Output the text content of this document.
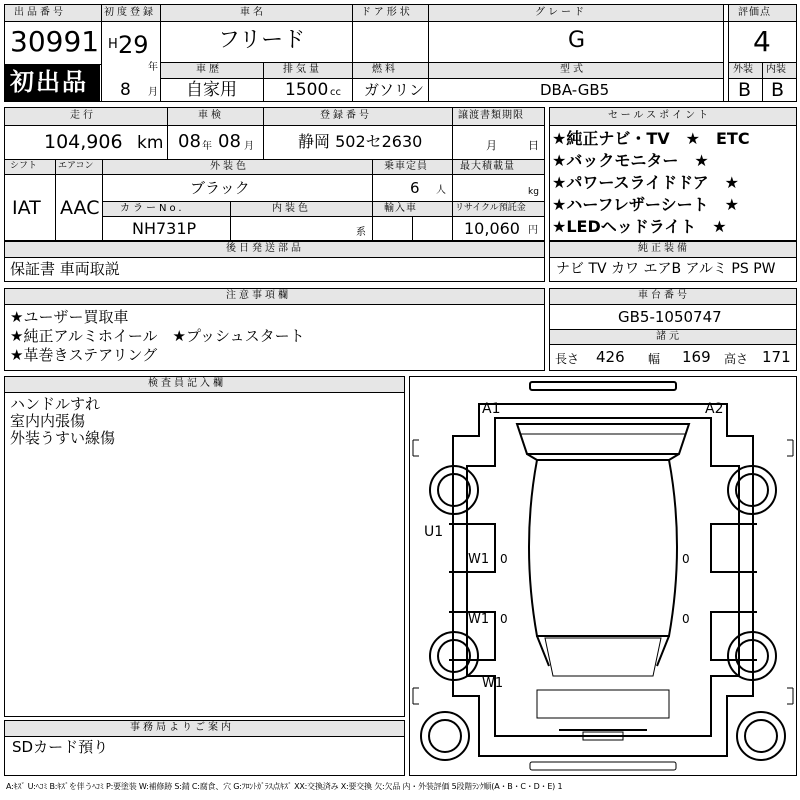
出品番号
30991
初出品
初度登録
H 29
年
8 月
車名
フリード
ドア形状	グレード
G
評価点
4
車歴
自家用
排気量
1500 cc
燃料
ガソリン
型式
DBA-GB5
外装 内装
B B
走行
104,906 km
車検
08 年 08 月
登録番号
静岡 502セ2630
譲渡書類期限
月	日
シフト エアコン
IAT AAC
外装色
ブラック
乗車定員
6 人
最大積載量
kg
カラーNo.
NH731P
内装色
系
輸入車	リサイクル預託金
10,060 円
セールスポイント
★純正ナビ・TV　★　ETC
★バックモニター　★
★パワースライドドア　★
★ハーフレザーシート　★
★LEDヘッドライト　★
後日発送部品
保証書 車両取説
純正装備
ナビ TV カワ エアB アルミ PS PW
注意事項欄
★ユーザー買取車
★純正アルミホイール　★プッシュスタート
★革巻きステアリング
車台番号
GB5-1050747
諸元
長さ 426 幅 169 高さ 171
検査員記入欄
ハンドルすれ
室内内張傷
外装うすい線傷
事務局よりご案内
SDカード預り
A1	A2
U1
W1
W1
W1
0
0
0
0
A:ｷｽﾞ U:ﾍｺﾐ B:ｷｽﾞを伴うﾍｺﾐ P:要塗装 W:補修跡 S:錆 C:腐食、穴 G:ﾌﾛﾝﾄｶﾞﾗｽ点ｷｽﾞ XX:交換済み X:要交換 欠:欠品 内・外装評価 5段階ﾗﾝｸ順(A・B・C・D・E) 1
